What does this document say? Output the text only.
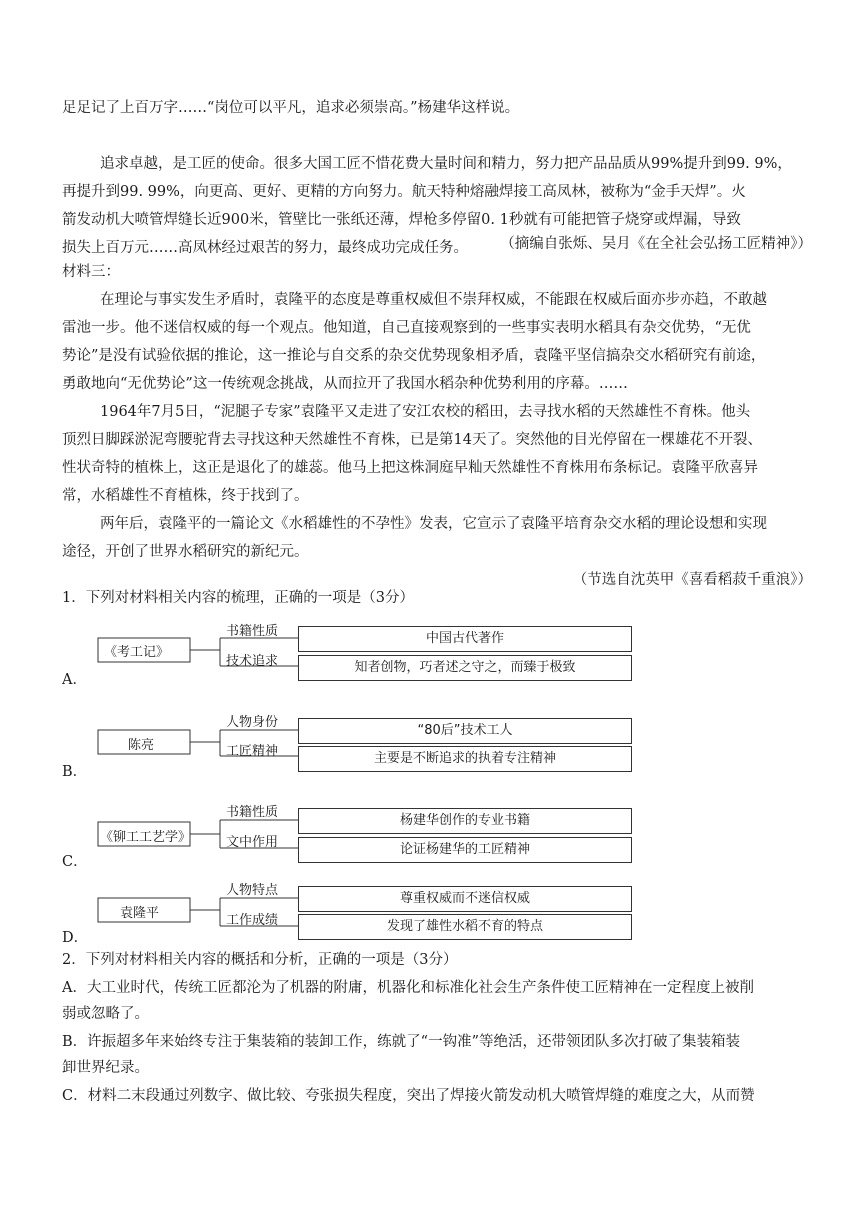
足足记了上百万字……“岗位可以平凡，追求必须崇高。”杨建华这样说。
追求卓越，是工匠的使命。很多大国工匠不惜花费大量时间和精力，努力把产品品质从99%提升到99. 9%，
再提升到99. 99%，向更高、更好、更精的方向努力。航天特种熔融焊接工高凤林，被称为“金手天焊”。火
箭发动机大喷管焊缝长近900米，管壁比一张纸还薄，焊枪多停留0. 1秒就有可能把管子烧穿或焊漏，导致
损失上百万元……高凤林经过艰苦的努力，最终成功完成任务。	（摘编自张烁、吴月《在全社会弘扬工匠精神》）
材料三：
在理论与事实发生矛盾时，袁隆平的态度是尊重权威但不崇拜权威，不能跟在权威后面亦步亦趋，不敢越
雷池一步。他不迷信权威的每一个观点。他知道，自己直接观察到的一些事实表明水稻具有杂交优势，“无优
势论”是没有试验依据的推论，这一推论与自交系的杂交优势现象相矛盾，袁隆平坚信搞杂交水稻研究有前途，
勇敢地向“无优势论”这一传统观念挑战，从而拉开了我国水稻杂种优势利用的序幕。……
1964年7月5日，“泥腿子专家”袁隆平又走进了安江农校的稻田，去寻找水稻的天然雄性不育株。他头
顶烈日脚踩淤泥弯腰驼背去寻找这种天然雄性不育株，已是第14天了。突然他的目光停留在一棵雄花不开裂、
性状奇特的植株上，这正是退化了的雄蕊。他马上把这株洞庭早籼天然雄性不育株用布条标记。袁隆平欣喜异
常，水稻雄性不育植株，终于找到了。
两年后，袁隆平的一篇论文《水稻雄性的不孕性》发表，它宣示了袁隆平培育杂交水稻的理论设想和实现
途径，开创了世界水稻研究的新纪元。
（节选自沈英甲《喜看稻菽千重浪》）
1．下列对材料相关内容的梳理，正确的一项是（3分）
《考工记》
书籍性质
技术追求
中国古代著作
知者创物，巧者述之守之，而臻于极致
A．
陈亮
人物身份
工匠精神
“80后”技术工人
主要是不断追求的执着专注精神
B．
《铆工工艺学》
书籍性质
文中作用
杨建华创作的专业书籍
论证杨建华的工匠精神
C．
袁隆平
人物特点
工作成绩
尊重权威而不迷信权威
发现了雄性水稻不育的特点
D．
2．下列对材料相关内容的概括和分析，正确的一项是（3分）
A．大工业时代，传统工匠都沦为了机器的附庸，机器化和标准化社会生产条件使工匠精神在一定程度上被削
弱或忽略了。
B．许振超多年来始终专注于集装箱的装卸工作，练就了“一钩准”等绝活，还带领团队多次打破了集装箱装
卸世界纪录。
C．材料二末段通过列数字、做比较、夸张损失程度，突出了焊接火箭发动机大喷管焊缝的难度之大，从而赞
